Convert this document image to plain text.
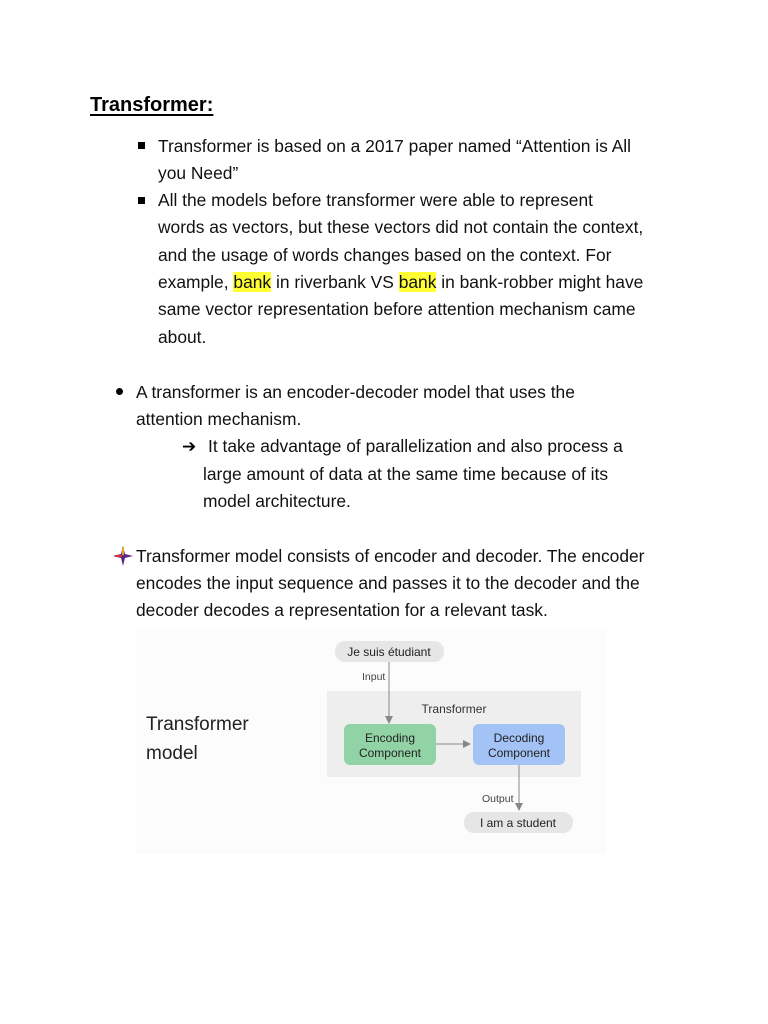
Transformer:
Transformer is based on a 2017 paper named “Attention is All
you Need”
All the models before transformer were able to represent
words as vectors, but these vectors did not contain the context,
and the usage of words changes based on the context. For
example, bank in riverbank VS bank in bank-robber might have
same vector representation before attention mechanism came
about.
A transformer is an encoder-decoder model that uses the
attention mechanism.
➔ It take advantage of parallelization and also process a
large amount of data at the same time because of its
model architecture.
Transformer model consists of encoder and decoder. The encoder
encodes the input sequence and passes it to the decoder and the
decoder decodes a representation for a relevant task.
Transformer
model
Je suis étudiant
Transformer
Input
Encoding
Component
Decoding
Component
Output
I am a student
